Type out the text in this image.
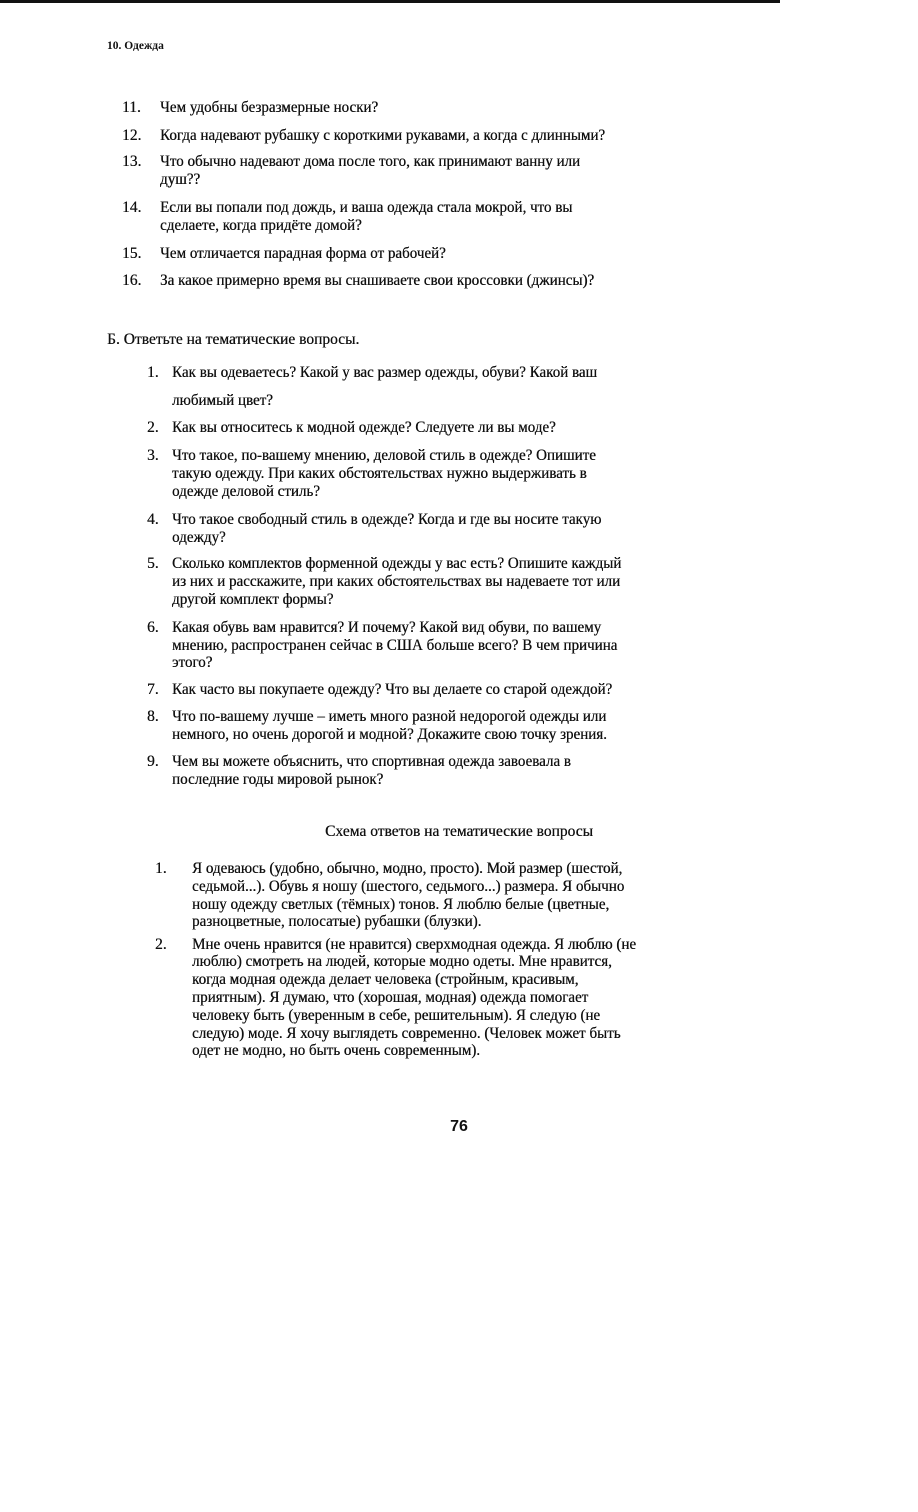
10. Одежда
Б. Ответьте на тематические вопросы.
Схема ответов на тематические вопросы
76
11. Чем удобны безразмерные носки?
12. Когда надевают рубашку с короткими рукавами, а когда с длинными?
13. Что обычно надевают дома после того, как принимают ванну или
душ??
14. Если вы попали под дождь, и ваша одежда стала мокрой, что вы
сделаете, когда придёте домой?
15. Чем отличается парадная форма от рабочей?
16. За какое примерно время вы снашиваете свои кроссовки (джинсы)?
1. Как вы одеваетесь? Какой у вас размер одежды, обуви? Какой ваш
любимый цвет?
2. Как вы относитесь к модной одежде? Следуете ли вы моде?
3. Что такое, по-вашему мнению, деловой стиль в одежде? Опишите
такую одежду. При каких обстоятельствах нужно выдерживать в
одежде деловой стиль?
4. Что такое свободный стиль в одежде? Когда и где вы носите такую
одежду?
5. Сколько комплектов форменной одежды у вас есть? Опишите каждый
из них и расскажите, при каких обстоятельствах вы надеваете тот или
другой комплект формы?
6. Какая обувь вам нравится? И почему? Какой вид обуви, по вашему
мнению, распространен сейчас в США больше всего? В чем причина
этого?
7. Как часто вы покупаете одежду? Что вы делаете со старой одеждой?
8. Что по-вашему лучше – иметь много разной недорогой одежды или
немного, но очень дорогой и модной? Докажите свою точку зрения.
9. Чем вы можете объяснить, что спортивная одежда завоевала в
последние годы мировой рынок?
1. Я одеваюсь (удобно, обычно, модно, просто). Мой размер (шестой,
седьмой...). Обувь я ношу (шестого, седьмого...) размера. Я обычно
ношу одежду светлых (тёмных) тонов. Я люблю белые (цветные,
разноцветные, полосатые) рубашки (блузки).
2. Мне очень нравится (не нравится) сверхмодная одежда. Я люблю (не
люблю) смотреть на людей, которые модно одеты. Мне нравится,
когда модная одежда делает человека (стройным, красивым,
приятным). Я думаю, что (хорошая, модная) одежда помогает
человеку быть (уверенным в себе, решительным). Я следую (не
следую) моде. Я хочу выглядеть современно. (Человек может быть
одет не модно, но быть очень современным).
